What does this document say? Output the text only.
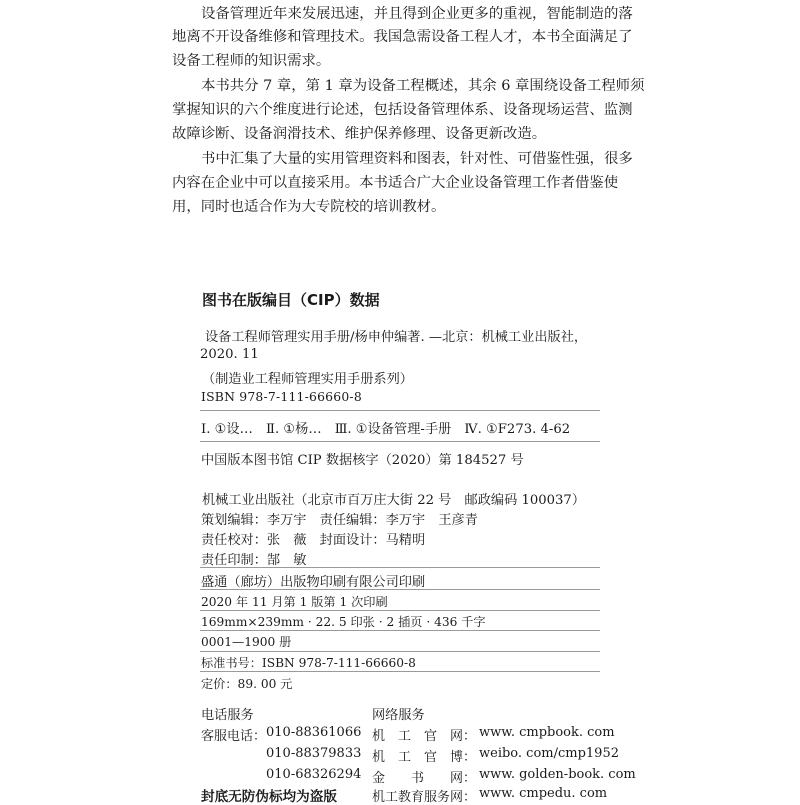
设备管理近年来发展迅速，并且得到企业更多的重视，智能制造的落
地离不开设备维修和管理技术。我国急需设备工程人才，本书全面满足了
设备工程师的知识需求。
本书共分 7 章，第 1 章为设备工程概述，其余 6 章围绕设备工程师须
掌握知识的六个维度进行论述，包括设备管理体系、设备现场运营、监测
故障诊断、设备润滑技术、维护保养修理、设备更新改造。
书中汇集了大量的实用管理资料和图表，针对性、可借鉴性强，很多
内容在企业中可以直接采用。本书适合广大企业设备管理工作者借鉴使
用，同时也适合作为大专院校的培训教材。
图书在版编目（CIP）数据
设备工程师管理实用手册/杨申仲编著. —北京：机械工业出版社，
2020. 11
（制造业工程师管理实用手册系列）
ISBN 978-7-111-66660-8
Ⅰ. ①设…　Ⅱ. ①杨…　Ⅲ. ①设备管理-手册　Ⅳ. ①F273. 4-62
中国版本图书馆 CIP 数据核字（2020）第 184527 号
机械工业出版社（北京市百万庄大街 22 号　邮政编码 100037）
策划编辑：李万宇　责任编辑：李万宇　王彦青
责任校对：张　薇　封面设计：马精明
责任印制：郜　敏
盛通（廊坊）出版物印刷有限公司印刷
2020 年 11 月第 1 版第 1 次印刷
169mm×239mm · 22. 5 印张 · 2 插页 · 436 千字
0001—1900 册
标准书号：ISBN 978-7-111-66660-8
定价：89. 00 元
电话服务	网络服务
客服电话： 010-88361066
010-88379833
010-68326294
机　工　官　网： www. cmpbook. com
机　工　官　博： weibo. com/cmp1952
金　　书　　网： www. golden-book. com
封底无防伪标均为盗版	机工教育服务网： www. cmpedu. com
